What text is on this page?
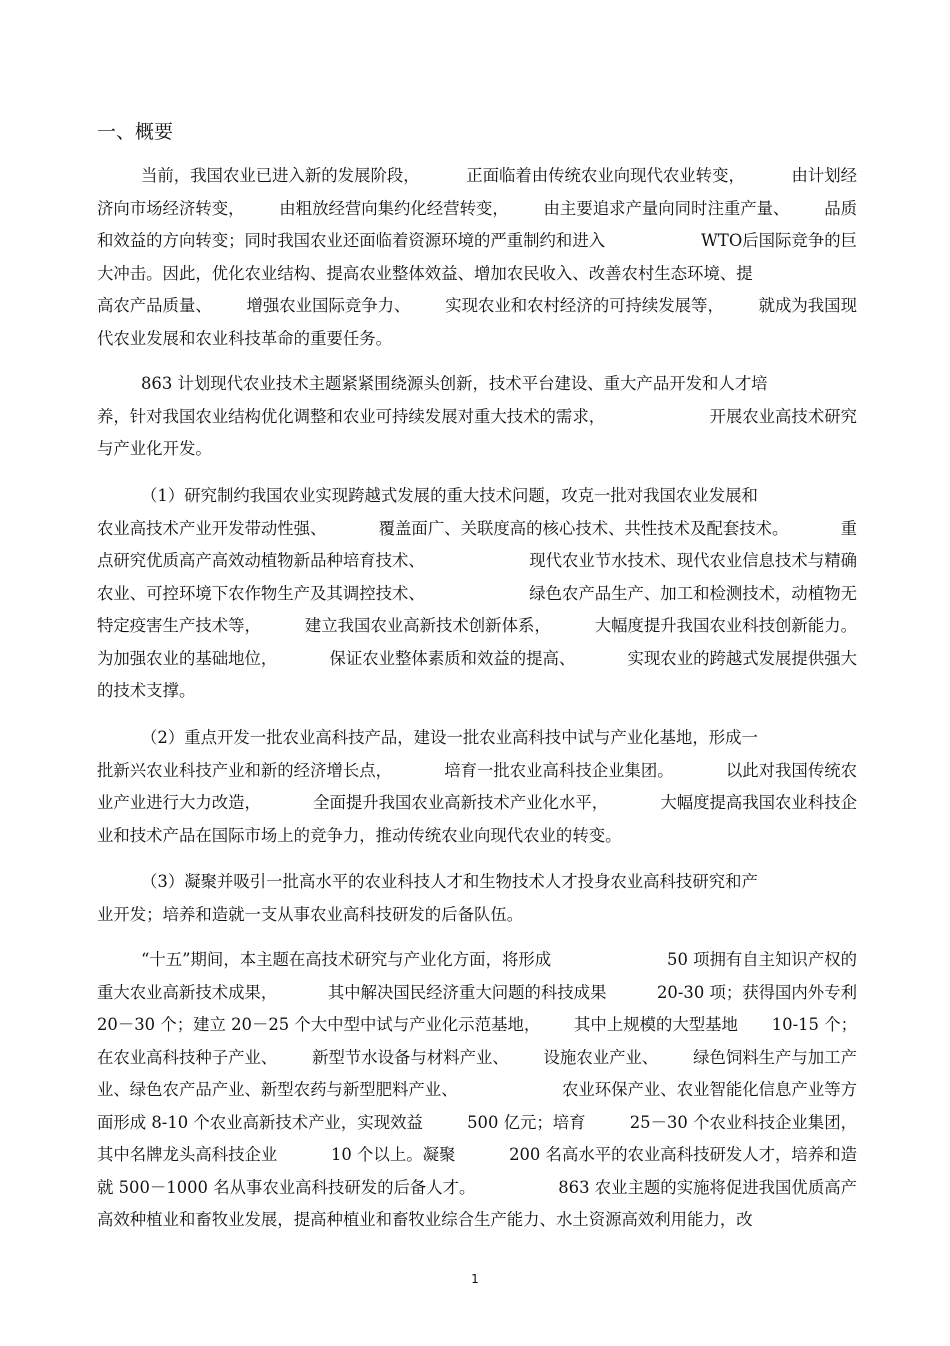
一、概要
当前，我国农业已进入新的发展阶段，	正面临着由传统农业向现代农业转变，	由计划经
济向市场经济转变， 由粗放经营向集约化经营转变， 由主要追求产量向同时注重产量、 品质
和效益的方向转变；同时我国农业还面临着资源环境的严重制约和进入	WTO后国际竞争的巨
大冲击。因此，优化农业结构、提高农业整体效益、增加农民收入、改善农村生态环境、提
高农产品质量、 增强农业国际竞争力、 实现农业和农村经济的可持续发展等， 就成为我国现
代农业发展和农业科技革命的重要任务。
863 计划现代农业技术主题紧紧围绕源头创新，技术平台建设、重大产品开发和人才培
养，针对我国农业结构优化调整和农业可持续发展对重大技术的需求，	开展农业高技术研究
与产业化开发。
（1）研究制约我国农业实现跨越式发展的重大技术问题，攻克一批对我国农业发展和
农业高技术产业开发带动性强、	覆盖面广、关联度高的核心技术、共性技术及配套技术。	重
点研究优质高产高效动植物新品种培育技术、	现代农业节水技术、现代农业信息技术与精确
农业、可控环境下农作物生产及其调控技术、	绿色农产品生产、加工和检测技术，动植物无
特定疫害生产技术等，	建立我国农业高新技术创新体系，	大幅度提升我国农业科技创新能力。
为加强农业的基础地位，	保证农业整体素质和效益的提高、	实现农业的跨越式发展提供强大
的技术支撑。
（2）重点开发一批农业高科技产品，建设一批农业高科技中试与产业化基地，形成一
批新兴农业科技产业和新的经济增长点，	培育一批农业高科技企业集团。	以此对我国传统农
业产业进行大力改造，	全面提升我国农业高新技术产业化水平，	大幅度提高我国农业科技企
业和技术产品在国际市场上的竞争力，推动传统农业向现代农业的转变。
（3）凝聚并吸引一批高水平的农业科技人才和生物技术人才投身农业高科技研究和产
业开发；培养和造就一支从事农业高科技研发的后备队伍。
“十五”期间，本主题在高技术研究与产业化方面，将形成	50 项拥有自主知识产权的
重大农业高新技术成果，	其中解决国民经济重大问题的科技成果	20-30 项；获得国内外专利
20－30 个；建立 20－25 个大中型中试与产业化示范基地， 其中上规模的大型基地 10-15 个；
在农业高科技种子产业、 新型节水设备与材料产业、 设施农业产业、 绿色饲料生产与加工产
业、绿色农产品产业、新型农药与新型肥料产业、	农业环保产业、农业智能化信息产业等方
面形成 8-10 个农业高新技术产业，实现效益	500 亿元；培育	25－30 个农业科技企业集团，
其中名牌龙头高科技企业	10 个以上。凝聚	200 名高水平的农业高科技研发人才，培养和造
就 500－1000 名从事农业高科技研发的后备人才。	863 农业主题的实施将促进我国优质高产
高效种植业和畜牧业发展， 提高种植业和畜牧业综合生产能力、 水土资源高效利用能力， 改
1
